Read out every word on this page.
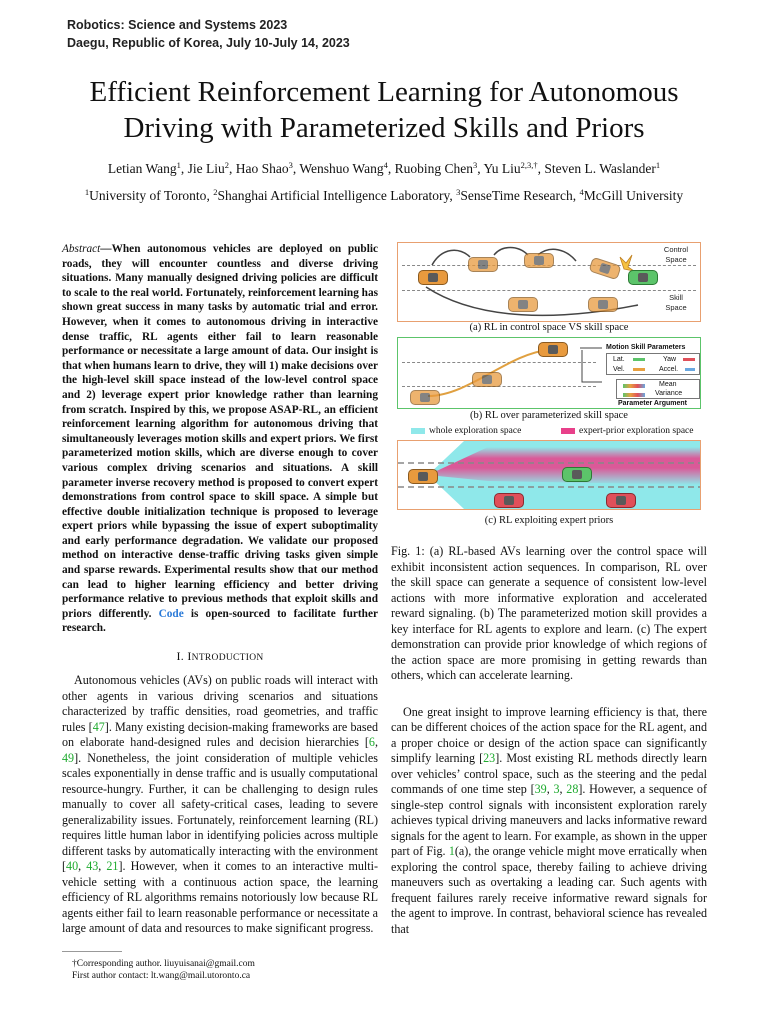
Robotics: Science and Systems 2023
Daegu, Republic of Korea, July 10-July 14, 2023
Efficient Reinforcement Learning for Autonomous
Driving with Parameterized Skills and Priors
Letian Wang$^1$, Jie Liu$^2$, Hao Shao$^3$, Wenshuo Wang$^4$, Ruobing Chen$^3$, Yu Liu$^{2,3,\dagger}$, Steven L. Waslander$^1$
$^1$University of Toronto, $^2$Shanghai Artificial Intelligence Laboratory, $^3$SenseTime Research, $^4$McGill University

Abstract—When autonomous vehicles are deployed on public roads, they will encounter countless and diverse driving situations. Many manually designed driving policies are difficult to scale to the real world. Fortunately, reinforcement learning has shown great success in many tasks by automatic trial and error. However, when it comes to autonomous driving in interactive dense traffic, RL agents either fail to learn reasonable performance or necessitate a large amount of data. Our insight is that when humans learn to drive, they will 1) make decisions over the high-level skill space instead of the low-level control space and 2) leverage expert prior knowledge rather than learning from scratch. Inspired by this, we propose ASAP-RL, an efficient reinforcement learning algorithm for autonomous driving that simultaneously leverages motion skills and expert priors. We first parameterized motion skills, which are diverse enough to cover various complex driving scenarios and situations. A skill parameter inverse recovery method is proposed to convert expert demonstrations from control space to skill space. A simple but effective double initialization technique is proposed to leverage expert priors while bypassing the issue of expert suboptimality and early performance degradation. We validate our proposed method on interactive dense-traffic driving tasks given simple and sparse rewards. Experimental results show that our method can lead to higher learning efficiency and better driving performance relative to previous methods that exploit skills and priors differently. Code is open-sourced to facilitate further research.

I. INTRODUCTION

Autonomous vehicles (AVs) on public roads will interact with other agents in various driving scenarios and situations characterized by traffic densities, road geometries, and traffic rules [47]. Many existing decision-making frameworks are based on elaborate hand-designed rules and decision hierarchies [6, 49]. Nonetheless, the joint consideration of multiple vehicles scales exponentially in dense traffic and is usually computational resource-hungry. Further, it can be challenging to design rules manually to cover all safety-critical cases, leading to severe generalizability issues. Fortunately, reinforcement learning (RL) requires little human labor in identifying policies across multiple different tasks by automatically interacting with the environment [40, 43, 21]. However, when it comes to an interactive multi-vehicle setting with a continuous action space, the learning efficiency of RL algorithms remains notoriously low because RL agents either fail to learn reasonable performance or necessitate a large amount of data and resources to make significant progress.

†Corresponding author. liuyuisanai@gmail.com
First author contact: lt.wang@mail.utoronto.ca
Control Space
Skill Space
(a) RL in control space VS skill space
Motion Skill Parameters
Lat.	Yaw
Vel.	Accel.
Mean
Variance
Parameter Argument
(b) RL over parameterized skill space
whole exploration space	expert-prior exploration space
(c) RL exploiting expert priors

Fig. 1: (a) RL-based AVs learning over the control space will exhibit inconsistent action sequences. In comparison, RL over the skill space can generate a sequence of consistent low-level actions with more informative exploration and accelerated reward signaling. (b) The parameterized motion skill provides a key interface for RL agents to explore and learn. (c) The expert demonstration can provide prior knowledge of which regions of the action space are more promising in getting rewards than others, which can accelerate learning.

One great insight to improve learning efficiency is that, there can be different choices of the action space for the RL agent, and a proper choice or design of the action space can significantly simplify learning [23]. Most existing RL methods directly learn over vehicles’ control space, such as the steering and the pedal commands of one time step [39, 3, 28]. However, a sequence of single-step control signals with inconsistent exploration rarely achieves typical driving maneuvers and lacks informative reward signals for the agent to learn. For example, as shown in the upper part of Fig. 1(a), the orange vehicle might move erratically when exploring the control space, thereby failing to achieve driving maneuvers such as overtaking a leading car. Such agents with frequent failures rarely receive informative reward signals for the agent to improve. In contrast, behavioral science has revealed that
